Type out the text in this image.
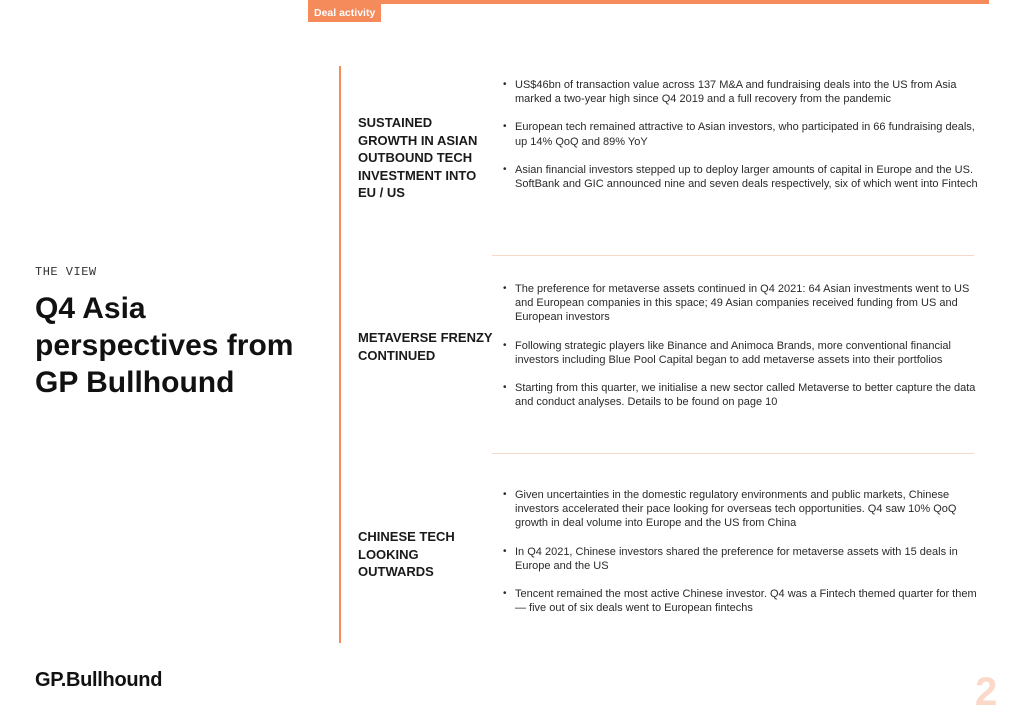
Deal activity
THE VIEW
Q4 Asia perspectives from GP Bullhound
SUSTAINED GROWTH IN ASIAN OUTBOUND TECH INVESTMENT INTO EU / US
• US$46bn of transaction value across 137 M&A and fundraising deals into the US from Asia marked a two-year high since Q4 2019 and a full recovery from the pandemic
• European tech remained attractive to Asian investors, who participated in 66 fundraising deals, up 14% QoQ and 89% YoY
• Asian financial investors stepped up to deploy larger amounts of capital in Europe and the US. SoftBank and GIC announced nine and seven deals respectively, six of which went into Fintech
METAVERSE FRENZY CONTINUED
• The preference for metaverse assets continued in Q4 2021: 64 Asian investments went to US and European companies in this space; 49 Asian companies received funding from US and European investors
• Following strategic players like Binance and Animoca Brands, more conventional financial investors including Blue Pool Capital began to add metaverse assets into their portfolios
• Starting from this quarter, we initialise a new sector called Metaverse to better capture the data and conduct analyses. Details to be found on page 10
CHINESE TECH LOOKING OUTWARDS
• Given uncertainties in the domestic regulatory environments and public markets, Chinese investors accelerated their pace looking for overseas tech opportunities. Q4 saw 10% QoQ growth in deal volume into Europe and the US from China
• In Q4 2021, Chinese investors shared the preference for metaverse assets with 15 deals in Europe and the US
• Tencent remained the most active Chinese investor. Q4 was a Fintech themed quarter for them — five out of six deals went to European fintechs
GP.Bullhound	2
